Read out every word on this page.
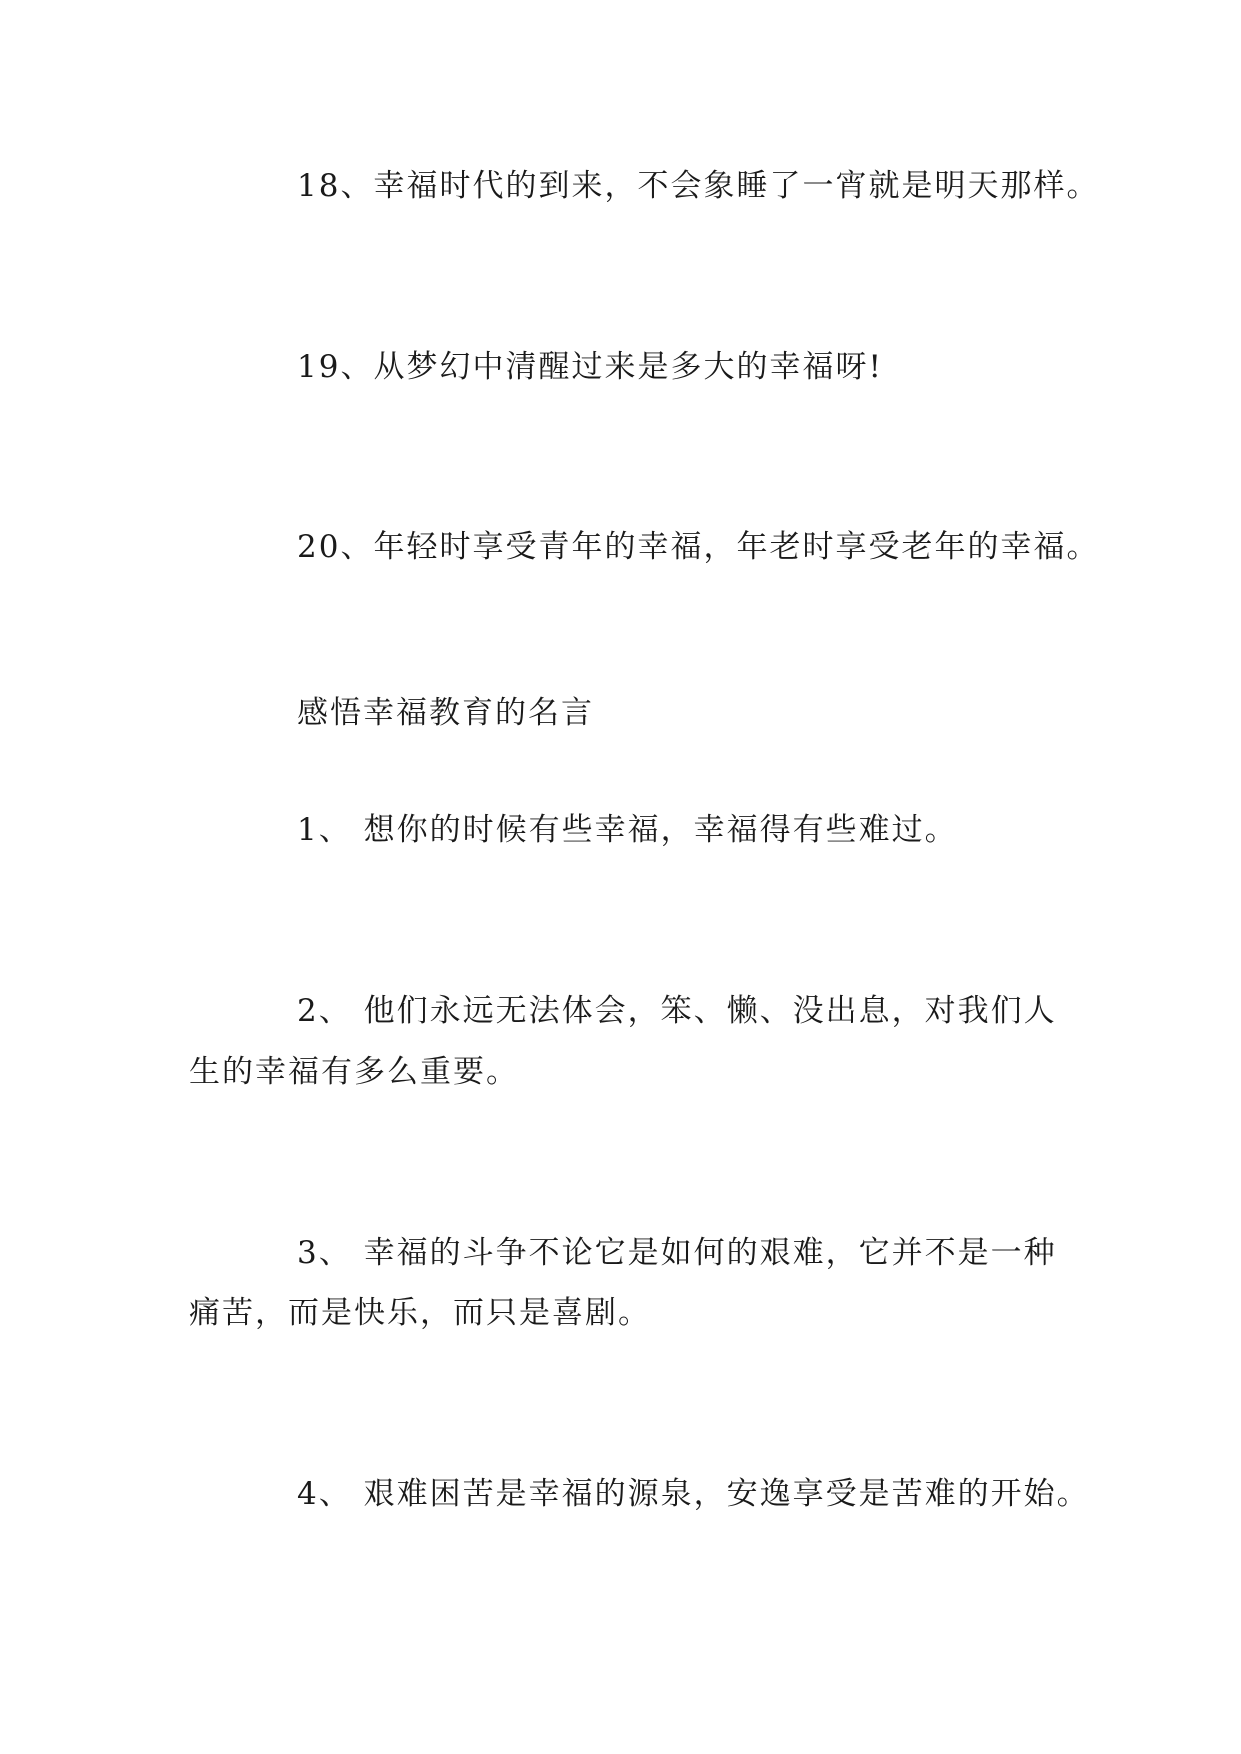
18、幸福时代的到来，不会象睡了一宵就是明天那样。
19、从梦幻中清醒过来是多大的幸福呀!
20、年轻时享受青年的幸福，年老时享受老年的幸福。
感悟幸福教育的名言
1、 想你的时候有些幸福，幸福得有些难过。
2、 他们永远无法体会，笨、懒、没出息，对我们人
生的幸福有多么重要。
3、 幸福的斗争不论它是如何的艰难，它并不是一种
痛苦，而是快乐，而只是喜剧。
4、 艰难困苦是幸福的源泉，安逸享受是苦难的开始。
